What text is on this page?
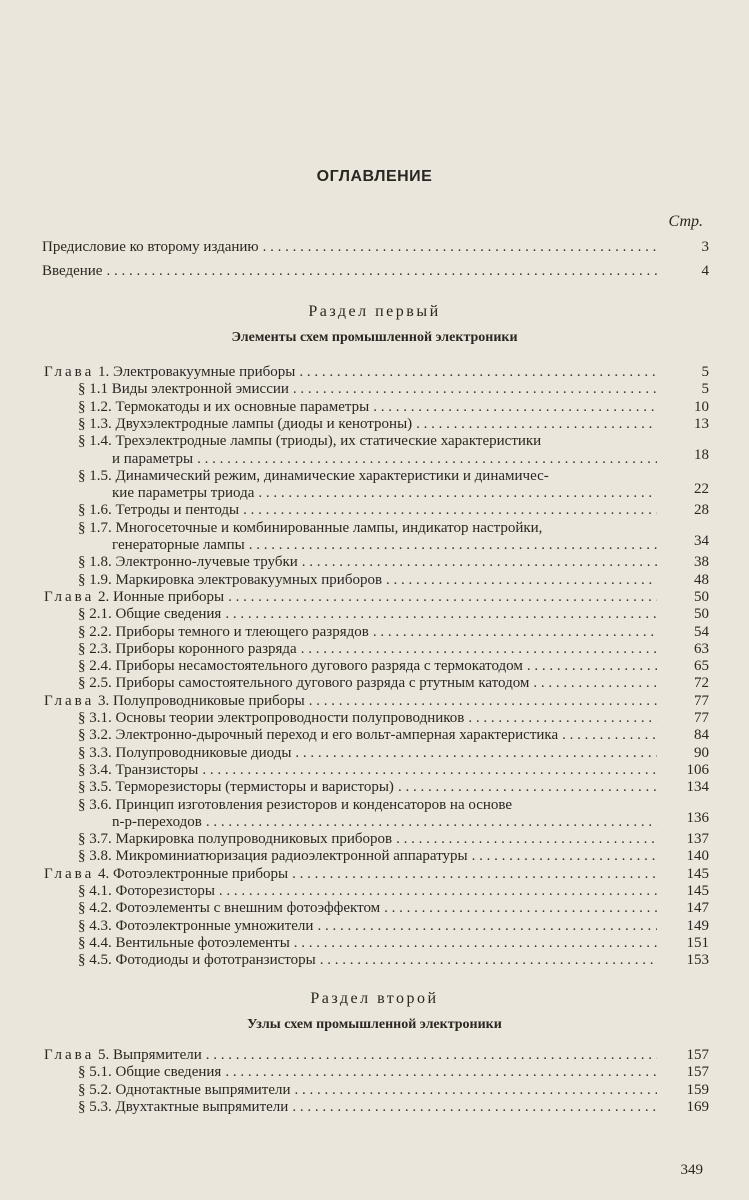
ОГЛАВЛЕНИЕ
Стр.
Предисловие ко второму изданию . . .	3
Введение . . .	4
Раздел первый
Элементы схем промышленной электроники
Глава 1. Электровакуумные приборы . . .	5
§ 1.1 Виды электронной эмиссии . . .	5
§ 1.2. Термокатоды и их основные параметры . . .	10
§ 1.3. Двухэлектродные лампы (диоды и кенотроны) . . .	13
§ 1.4. Трехэлектродные лампы (триоды), их статические характеристики
и параметры . . .	18
§ 1.5. Динамический режим, динамические характеристики и динамичес-
кие параметры триода . . .	22
§ 1.6. Тетроды и пентоды . . .	28
§ 1.7. Многосеточные и комбинированные лампы, индикатор настройки,
генераторные лампы . . .	34
§ 1.8. Электронно-лучевые трубки . . .	38
§ 1.9. Маркировка электровакуумных приборов . . .	48
Глава 2. Ионные приборы . . .	50
§ 2.1. Общие сведения . . .	50
§ 2.2. Приборы темного и тлеющего разрядов . . .	54
§ 2.3. Приборы коронного разряда . . .	63
§ 2.4. Приборы несамостоятельного дугового разряда с термокатодом . . .	65
§ 2.5. Приборы самостоятельного дугового разряда с ртутным катодом . . .	72
Глава 3. Полупроводниковые приборы . . .	77
§ 3.1. Основы теории электропроводности полупроводников . . .	77
§ 3.2. Электронно-дырочный переход и его вольт-амперная характеристика . . .	84
§ 3.3. Полупроводниковые диоды . . .	90
§ 3.4. Транзисторы . . .	106
§ 3.5. Терморезисторы (термисторы и варисторы) . . .	134
§ 3.6. Принцип изготовления резисторов и конденсаторов на основе
n-p-переходов . . .	136
§ 3.7. Маркировка полупроводниковых приборов . . .	137
§ 3.8. Микроминиатюризация радиоэлектронной аппаратуры . . .	140
Глава 4. Фотоэлектронные приборы . . .	145
§ 4.1. Фоторезисторы . . .	145
§ 4.2. Фотоэлементы с внешним фотоэффектом . . .	147
§ 4.3. Фотоэлектронные умножители . . .	149
§ 4.4. Вентильные фотоэлементы . . .	151
§ 4.5. Фотодиоды и фототранзисторы . . .	153
Раздел второй
Узлы схем промышленной электроники
Глава 5. Выпрямители . . .	157
§ 5.1. Общие сведения . . .	157
§ 5.2. Однотактные выпрямители . . .	159
§ 5.3. Двухтактные выпрямители . . .	169
349
